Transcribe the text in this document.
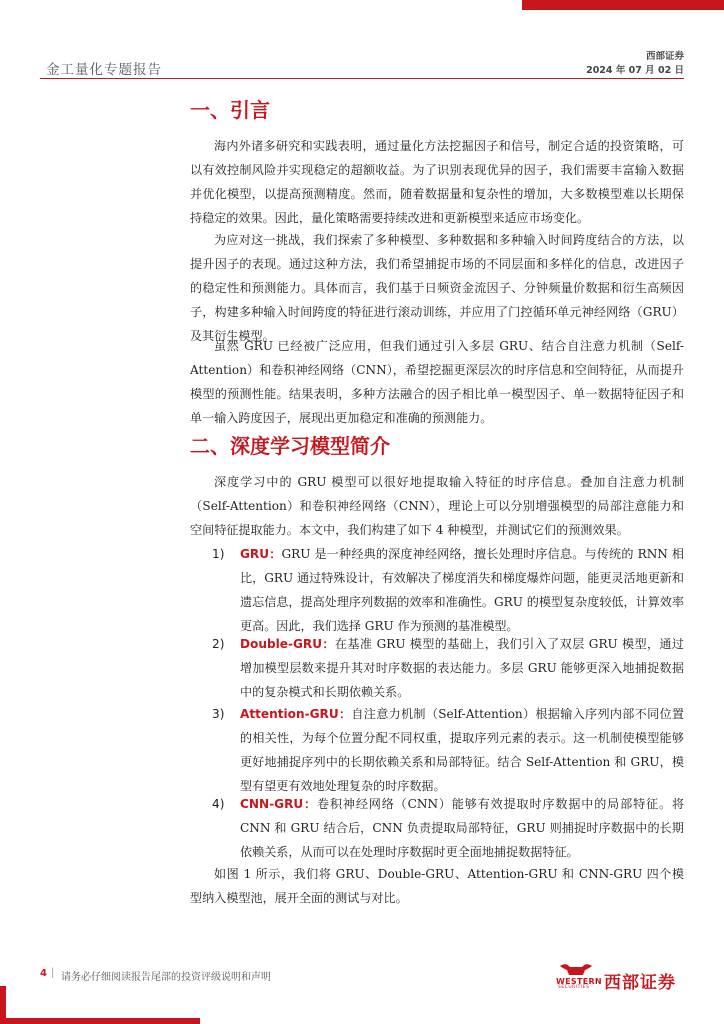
金工量化专题报告
西部证券
2024 年 07 月 02 日
一、引言

海内外诸多研究和实践表明，通过量化方法挖掘因子和信号，制定合适的投资策略，可以有效控制风险并实现稳定的超额收益。为了识别表现优异的因子，我们需要丰富输入数据并优化模型，以提高预测精度。然而，随着数据量和复杂性的增加，大多数模型难以长期保持稳定的效果。因此，量化策略需要持续改进和更新模型来适应市场变化。

为应对这一挑战，我们探索了多种模型、多种数据和多种输入时间跨度结合的方法，以提升因子的表现。通过这种方法，我们希望捕捉市场的不同层面和多样化的信息，改进因子的稳定性和预测能力。具体而言，我们基于日频资金流因子、分钟频量价数据和衍生高频因子，构建多种输入时间跨度的特征进行滚动训练，并应用了门控循环单元神经网络（GRU）及其衍生模型。

虽然 GRU 已经被广泛应用，但我们通过引入多层 GRU、结合自注意力机制（Self-Attention）和卷积神经网络（CNN），希望挖掘更深层次的时序信息和空间特征，从而提升模型的预测性能。结果表明，多种方法融合的因子相比单一模型因子、单一数据特征因子和单一输入跨度因子，展现出更加稳定和准确的预测能力。

二、深度学习模型简介

深度学习中的 GRU 模型可以很好地提取输入特征的时序信息。叠加自注意力机制（Self-Attention）和卷积神经网络（CNN），理论上可以分别增强模型的局部注意能力和空间特征提取能力。本文中，我们构建了如下 4 种模型，并测试它们的预测效果。

1) GRU：GRU 是一种经典的深度神经网络，擅长处理时序信息。与传统的 RNN 相比，GRU 通过特殊设计，有效解决了梯度消失和梯度爆炸问题，能更灵活地更新和遗忘信息，提高处理序列数据的效率和准确性。GRU 的模型复杂度较低，计算效率更高。因此，我们选择 GRU 作为预测的基准模型。
2) Double-GRU：在基准 GRU 模型的基础上，我们引入了双层 GRU 模型，通过增加模型层数来提升其对时序数据的表达能力。多层 GRU 能够更深入地捕捉数据中的复杂模式和长期依赖关系。
3) Attention-GRU：自注意力机制（Self-Attention）根据输入序列内部不同位置的相关性，为每个位置分配不同权重，提取序列元素的表示。这一机制使模型能够更好地捕捉序列中的长期依赖关系和局部特征。结合 Self-Attention 和 GRU，模型有望更有效地处理复杂的时序数据。
4) CNN-GRU：卷积神经网络（CNN）能够有效提取时序数据中的局部特征。将 CNN 和 GRU 结合后，CNN 负责提取局部特征，GRU 则捕捉时序数据中的长期依赖关系，从而可以在处理时序数据时更全面地捕捉数据特征。

如图 1 所示，我们将 GRU、Double-GRU、Attention-GRU 和 CNN-GRU 四个模型纳入模型池，展开全面的测试与对比。

4 | 请务必仔细阅读报告尾部的投资评级说明和声明	WESTERN
SECURITIES 西部证券
